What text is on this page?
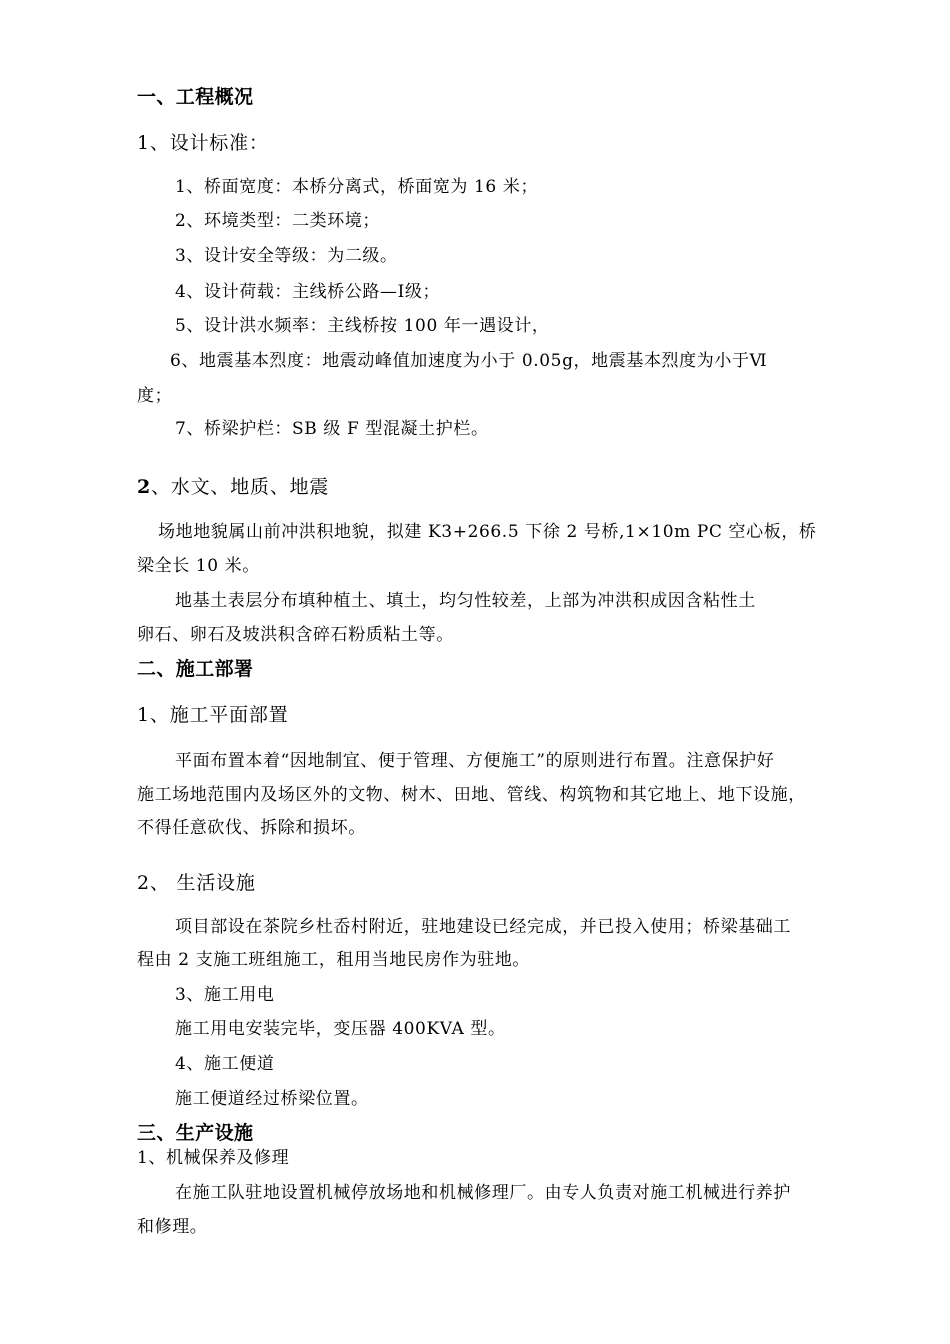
一、工程概况
1、设计标准：
1、桥面宽度：本桥分离式，桥面宽为 16 米；
2、环境类型：二类环境；
3、设计安全等级：为二级。
4、设计荷载：主线桥公路—Ⅰ级；
5、设计洪水频率：主线桥按 100 年一遇设计，
6、地震基本烈度：地震动峰值加速度为小于 0.05g，地震基本烈度为小于Ⅵ
度；
7、桥梁护栏：SB 级 F 型混凝土护栏。
2、水文、地质、地震
场地地貌属山前冲洪积地貌，拟建 K3+266.5 下徐 2 号桥,1×10m PC 空心板，桥
梁全长 10 米。
地基土表层分布填种植土、填土，均匀性较差，上部为冲洪积成因含粘性土
卵石、卵石及坡洪积含碎石粉质粘土等。
二、施工部署
1、施工平面部置
平面布置本着“因地制宜、便于管理、方便施工”的原则进行布置。注意保护好
施工场地范围内及场区外的文物、树木、田地、管线、构筑物和其它地上、地下设施，
不得任意砍伐、拆除和损坏。
2、 生活设施
项目部设在茶院乡杜岙村附近，驻地建设已经完成，并已投入使用；桥梁基础工
程由 2 支施工班组施工，租用当地民房作为驻地。
3、施工用电
施工用电安装完毕，变压器 400KVA 型。
4、施工便道
施工便道经过桥梁位置。
三、生产设施
1、机械保养及修理
在施工队驻地设置机械停放场地和机械修理厂。由专人负责对施工机械进行养护
和修理。
